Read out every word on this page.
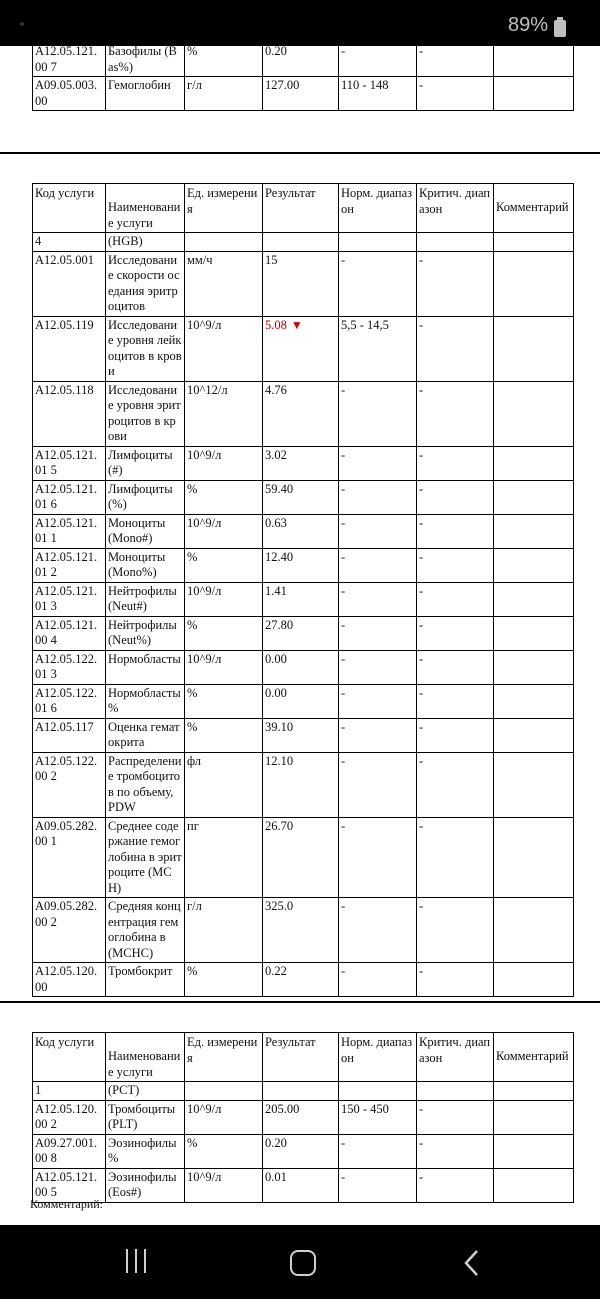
89%
A12.05.121.00 7	Базофилы (Bas%)	%	0.20	-	-	
A09.05.003.00	Гемоглобин	г/л	127.00	110 - 148	-	
Код услуги	Наименование услуги	Ед. измерения	Результат	Норм. диапазон	Критич. диапазон	Комментарий
4	(HGB)					
A12.05.001	Исследование скорости оседания эритроцитов	мм/ч	15	-	-	
A12.05.119	Исследование уровня лейкоцитов в крови	10^9/л	5.08 ▼	5,5 - 14,5	-	
A12.05.118	Исследование уровня эритроцитов в крови	10^12/л	4.76	-	-	
A12.05.121.01 5	Лимфоциты (#)	10^9/л	3.02	-	-	
A12.05.121.01 6	Лимфоциты (%)	%	59.40	-	-	
A12.05.121.01 1	Моноциты (Mono#)	10^9/л	0.63	-	-	
A12.05.121.01 2	Моноциты (Mono%)	%	12.40	-	-	
A12.05.121.01 3	Нейтрофилы (Neut#)	10^9/л	1.41	-	-	
A12.05.121.00 4	Нейтрофилы (Neut%)	%	27.80	-	-	
A12.05.122.01 3	Нормобласты	10^9/л	0.00	-	-	
A12.05.122.01 6	Нормобласты %	%	0.00	-	-	
A12.05.117	Оценка гематокрита	%	39.10	-	-	
A12.05.122.00 2	Распределени е тромбоцитов по объему, PDW	фл	12.10	-	-	
A09.05.282.00 1	Среднее содержание гемоглобина в эритроците (MCH)	пг	26.70	-	-	
A09.05.282.00 2	Средняя концентрация гемоглобина в (MCHC)	г/л	325.0	-	-	
A12.05.120.00	Тромбокрит	%	0.22	-	-	
Код услуги	Наименование услуги	Ед. измерения	Результат	Норм. диапазон	Критич. диапазон	Комментарий
1	(PCT)					
A12.05.120.00 2	Тромбоциты (PLT)	10^9/л	205.00	150 - 450	-	
A09.27.001.00 8	Эозинофилы %	%	0.20	-	-	
A12.05.121.00 5	Эозинофилы (Eos#)	10^9/л	0.01	-	-	
Комментарий:
